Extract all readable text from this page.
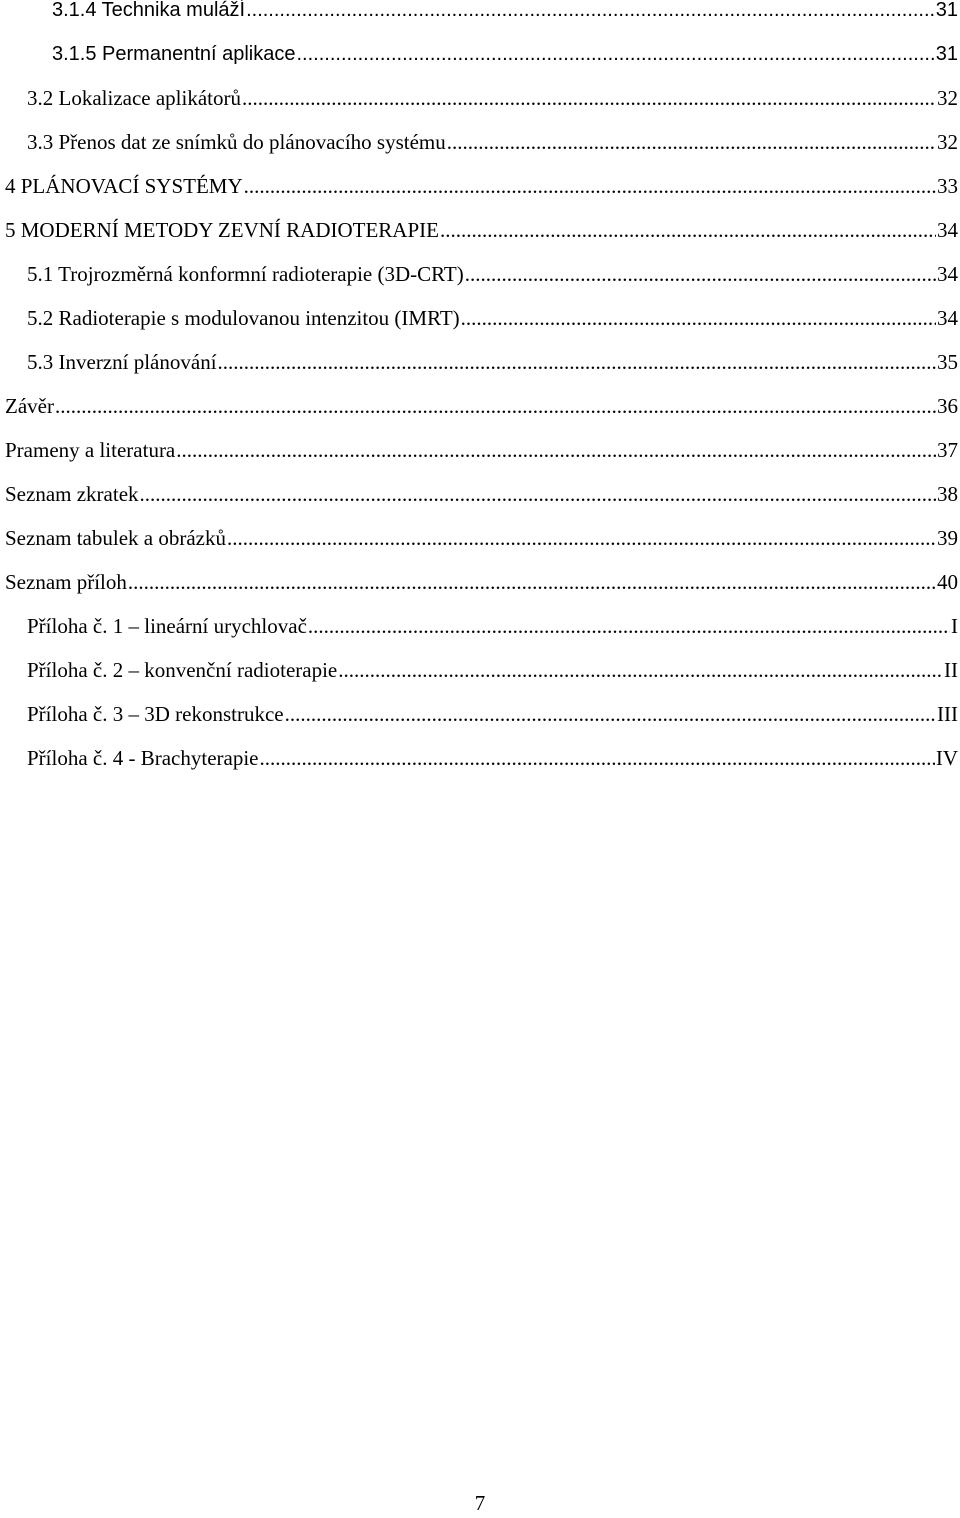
3.1.4 Technika mulážÍ .....	31
3.1.5 Permanentní aplikace .....	31
3.2 Lokalizace aplikátorů .....	32
3.3 Přenos dat ze snímků do plánovacího systému .....	32
4 PLÁNOVACÍ SYSTÉMY .....	33
5 MODERNÍ METODY ZEVNÍ RADIOTERAPIE .....	34
5.1 Trojrozměrná konformní radioterapie (3D-CRT) .....	34
5.2 Radioterapie s modulovanou intenzitou (IMRT) .....	34
5.3 Inverzní plánování .....	35
Závěr .....	36
Prameny a literatura .....	37
Seznam zkratek .....	38
Seznam tabulek a obrázků .....	39
Seznam příloh .....	40
Příloha č. 1 – lineární urychlovač .....	I
Příloha č. 2 – konvenční radioterapie .....	II
Příloha č. 3 – 3D rekonstrukce .....	III
Příloha č. 4 - Brachyterapie .....	IV
7
